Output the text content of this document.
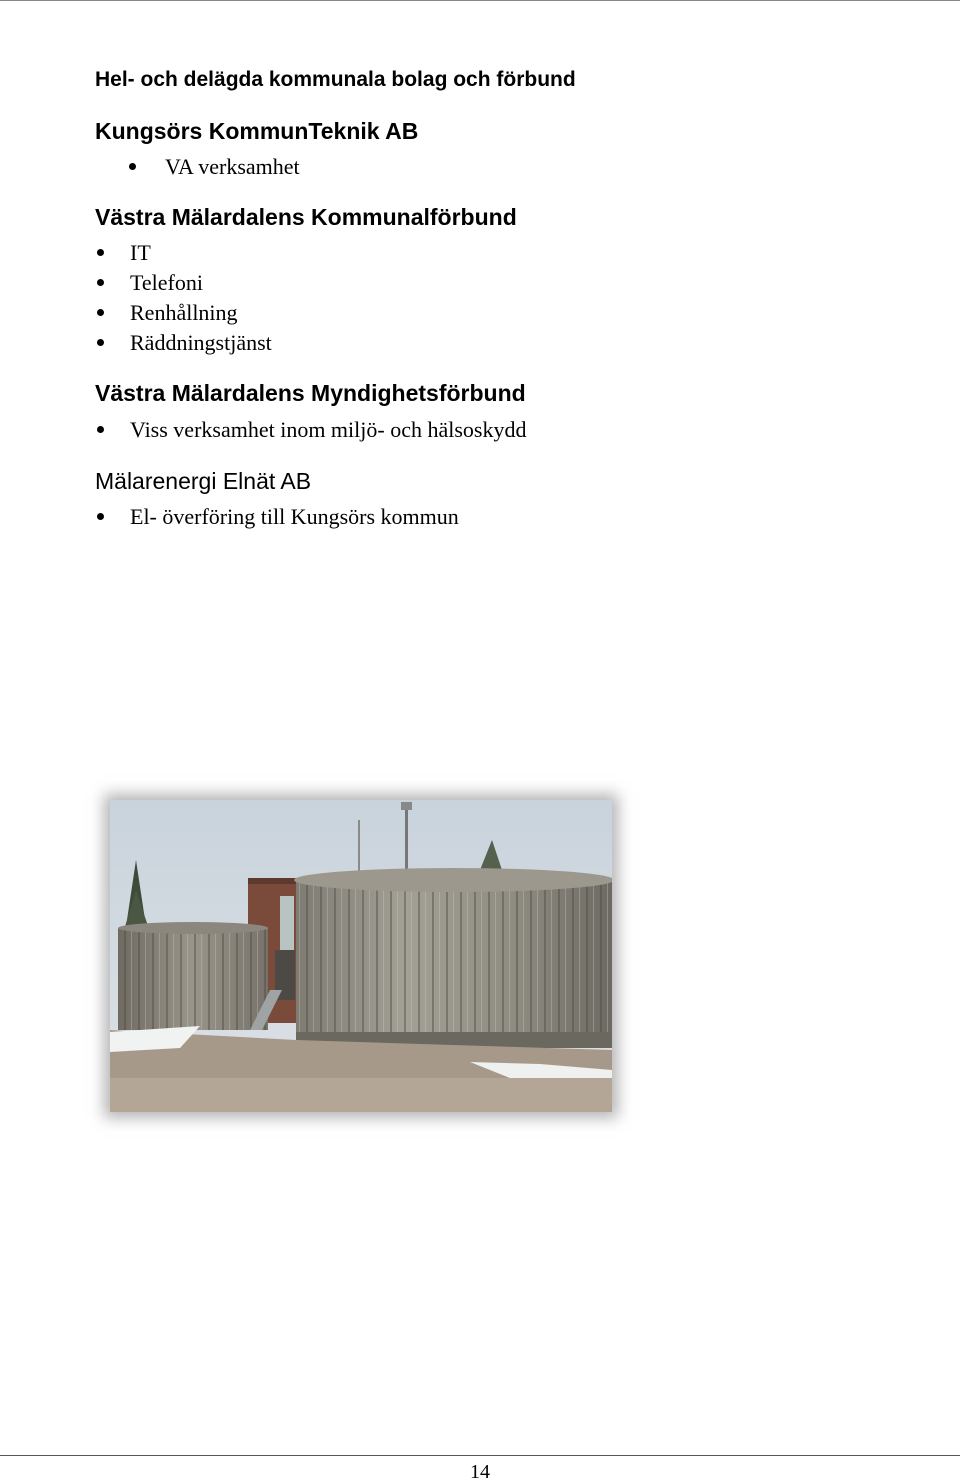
Hel- och delägda kommunala bolag och förbund
Kungsörs KommunTeknik AB

VA verksamhet

Västra Mälardalens Kommunalförbund

IT

Telefoni

Renhållning

Räddningstjänst

Västra Mälardalens Myndighetsförbund

Viss verksamhet inom miljö- och hälsoskydd

Mälarenergi Elnät AB

El- överföring till Kungsörs kommun

14
